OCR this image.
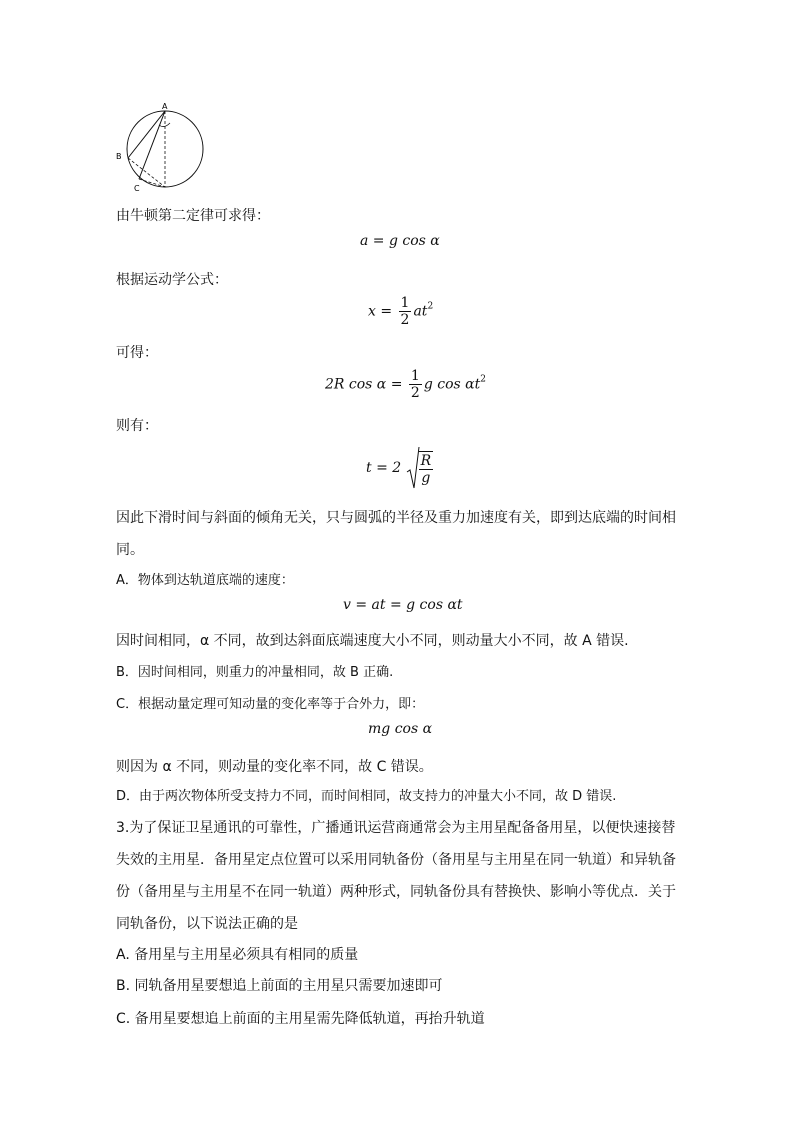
A
B
C
由牛顿第二定律可求得：
a = g cos α
根据运动学公式：
$x = \frac{1}{2} at^2$
可得：
2R $\cos \alpha = \frac{1}{2}$ g $\cos \alpha t^2$
则有：
$t = 2 \frac{R}{g}$
因此下滑时间与斜面的倾角无关，只与圆弧的半径及重力加速度有关，即到达底端的时间相
同。
A．物体到达轨道底端的速度：
v = at = g cos αt
因时间相同，α 不同，故到达斜面底端速度大小不同，则动量大小不同，故 A 错误.
B．因时间相同，则重力的冲量相同，故 B 正确.
C．根据动量定理可知动量的变化率等于合外力，即：
mg cos α
则因为 α 不同，则动量的变化率不同，故 C 错误。
D．由于两次物体所受支持力不同，而时间相同，故支持力的冲量大小不同，故 D 错误.
3.为了保证卫星通讯的可靠性，广播通讯运营商通常会为主用星配备备用星，以便快速接替
失效的主用星．备用星定点位置可以采用同轨备份（备用星与主用星在同一轨道）和异轨备
份（备用星与主用星不在同一轨道）两种形式，同轨备份具有替换快、影响小等优点．关于
同轨备份，以下说法正确的是
A. 备用星与主用星必须具有相同的质量
B. 同轨备用星要想追上前面的主用星只需要加速即可
C. 备用星要想追上前面的主用星需先降低轨道，再抬升轨道
